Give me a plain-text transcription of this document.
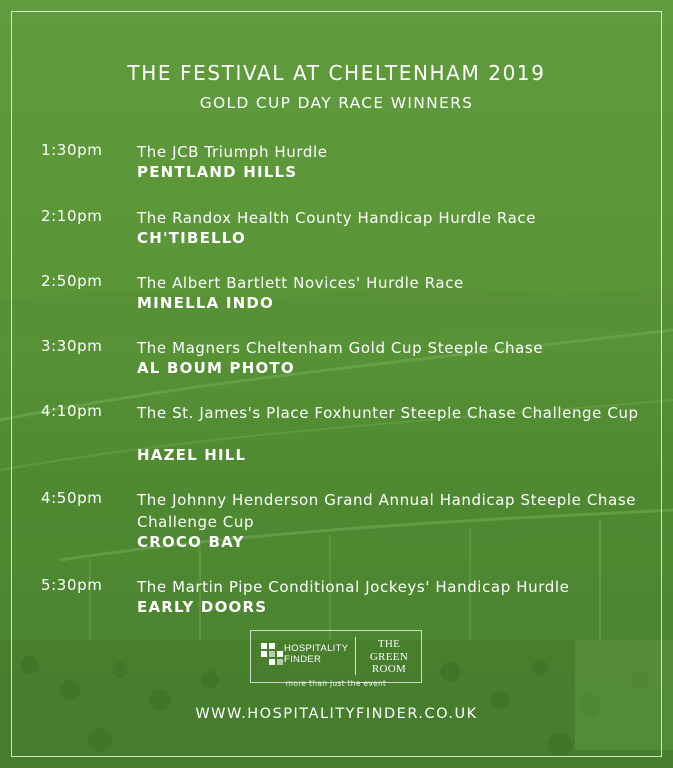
THE FESTIVAL AT CHELTENHAM 2019
GOLD CUP DAY RACE WINNERS
1:30pm The JCB Triumph Hurdle
PENTLAND HILLS
2:10pm The Randox Health County Handicap Hurdle Race
CH'TIBELLO
2:50pm The Albert Bartlett Novices' Hurdle Race
MINELLA INDO
3:30pm The Magners Cheltenham Gold Cup Steeple Chase
AL BOUM PHOTO
4:10pm The St. James's Place Foxhunter Steeple Chase Challenge Cup
HAZEL HILL
4:50pm The Johnny Henderson Grand Annual Handicap Steeple Chase Challenge Cup
CROCO BAY
5:30pm The Martin Pipe Conditional Jockeys' Handicap Hurdle
EARLY DOORS
HOSPITALITY
FINDER
THE
GREEN
ROOM
more than just the event
WWW.HOSPITALITYFINDER.CO.UK
